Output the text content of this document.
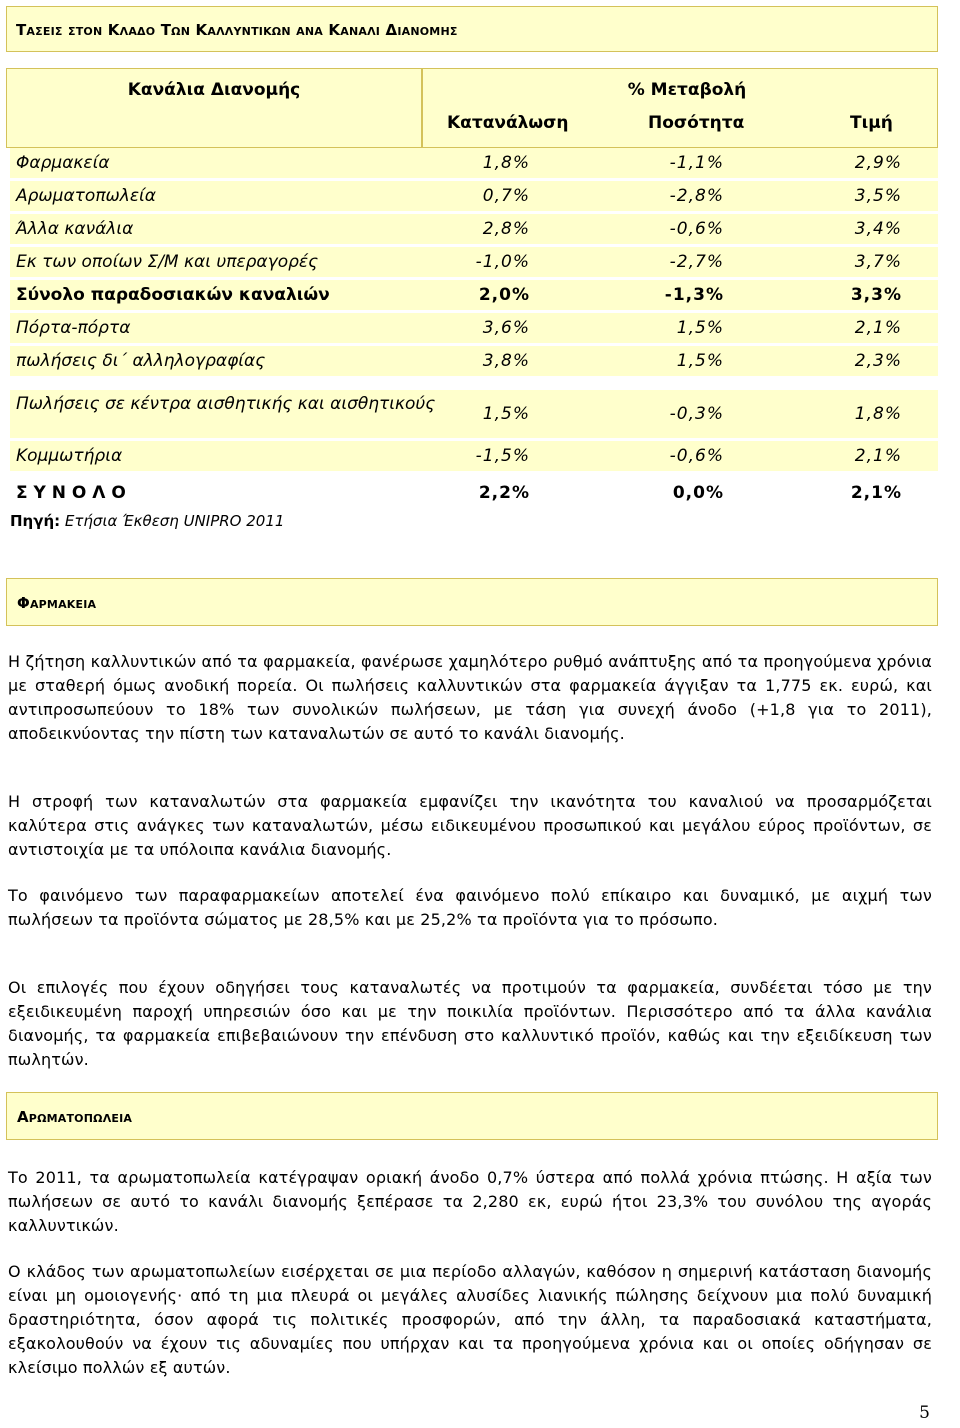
Τασεις στον Κλαδο Των Καλλυντικων ανα Καναλι Διανομης
Κανάλια Διανομής	% Μεταβολή
Κατανάλωση	Ποσότητα	Τιμή
Φαρμακεία	1,8%	-1,1%	2,9%
Αρωματοπωλεία	0,7%	-2,8%	3,5%
Άλλα κανάλια	2,8%	-0,6%	3,4%
Εκ των οποίων Σ/Μ και υπεραγορές	-1,0%	-2,7%	3,7%
Σύνολο παραδοσιακών καναλιών	2,0%	-1,3%	3,3%
Πόρτα-πόρτα	3,6%	1,5%	2,1%
πωλήσεις δι΄ αλληλογραφίας	3,8%	1,5%	2,3%
Πωλήσεις σε κέντρα αισθητικής και αισθητικούς	1,5%	-0,3%	1,8%
Κομμωτήρια	-1,5%	-0,6%	2,1%
Σ Υ Ν Ο Λ Ο	2,2%	0,0%	2,1%
Πηγή: Ετήσια Έκθεση UNIPRO 2011
Φαρμακεια
Η ζήτηση καλλυντικών από τα φαρμακεία, φανέρωσε χαμηλότερο ρυθμό ανάπτυξης από τα προηγούμενα χρόνια με σταθερή όμως ανοδική πορεία. Οι πωλήσεις καλλυντικών στα φαρμακεία άγγιξαν τα 1,775 εκ. ευρώ, και αντιπροσωπεύουν το 18% των συνολικών πωλήσεων, με τάση για συνεχή άνοδο (+1,8 για το 2011), αποδεικνύοντας την πίστη των καταναλωτών σε αυτό το κανάλι διανομής.
Η στροφή των καταναλωτών στα φαρμακεία εμφανίζει την ικανότητα του καναλιού να προσαρμόζεται καλύτερα στις ανάγκες των καταναλωτών, μέσω ειδικευμένου προσωπικού και μεγάλου εύρος προϊόντων, σε αντιστοιχία με τα υπόλοιπα κανάλια διανομής.
Το φαινόμενο των παραφαρμακείων αποτελεί ένα φαινόμενο πολύ επίκαιρο και δυναμικό, με αιχμή των πωλήσεων τα προϊόντα σώματος με 28,5% και με 25,2% τα προϊόντα για το πρόσωπο.
Οι επιλογές που έχουν οδηγήσει τους καταναλωτές να προτιμούν τα φαρμακεία, συνδέεται τόσο με την εξειδικευμένη παροχή υπηρεσιών όσο και με την ποικιλία προϊόντων. Περισσότερο από τα άλλα κανάλια διανομής, τα φαρμακεία επιβεβαιώνουν την επένδυση στο καλλυντικό προϊόν, καθώς και την εξειδίκευση των πωλητών.
Αρωματοπωλεια
Το 2011, τα αρωματοπωλεία κατέγραψαν οριακή άνοδο 0,7% ύστερα από πολλά χρόνια πτώσης. Η αξία των πωλήσεων σε αυτό το κανάλι διανομής ξεπέρασε τα 2,280 εκ, ευρώ ήτοι 23,3% του συνόλου της αγοράς καλλυντικών.
Ο κλάδος των αρωματοπωλείων εισέρχεται σε μια περίοδο αλλαγών, καθόσον η σημερινή κατάσταση διανομής είναι μη ομοιογενής· από τη μια πλευρά οι μεγάλες αλυσίδες λιανικής πώλησης δείχνουν μια πολύ δυναμική δραστηριότητα, όσον αφορά τις πολιτικές προσφορών, από την άλλη, τα παραδοσιακά καταστήματα, εξακολουθούν να έχουν τις αδυναμίες που υπήρχαν και τα προηγούμενα χρόνια και οι οποίες οδήγησαν σε κλείσιμο πολλών εξ αυτών.
5
